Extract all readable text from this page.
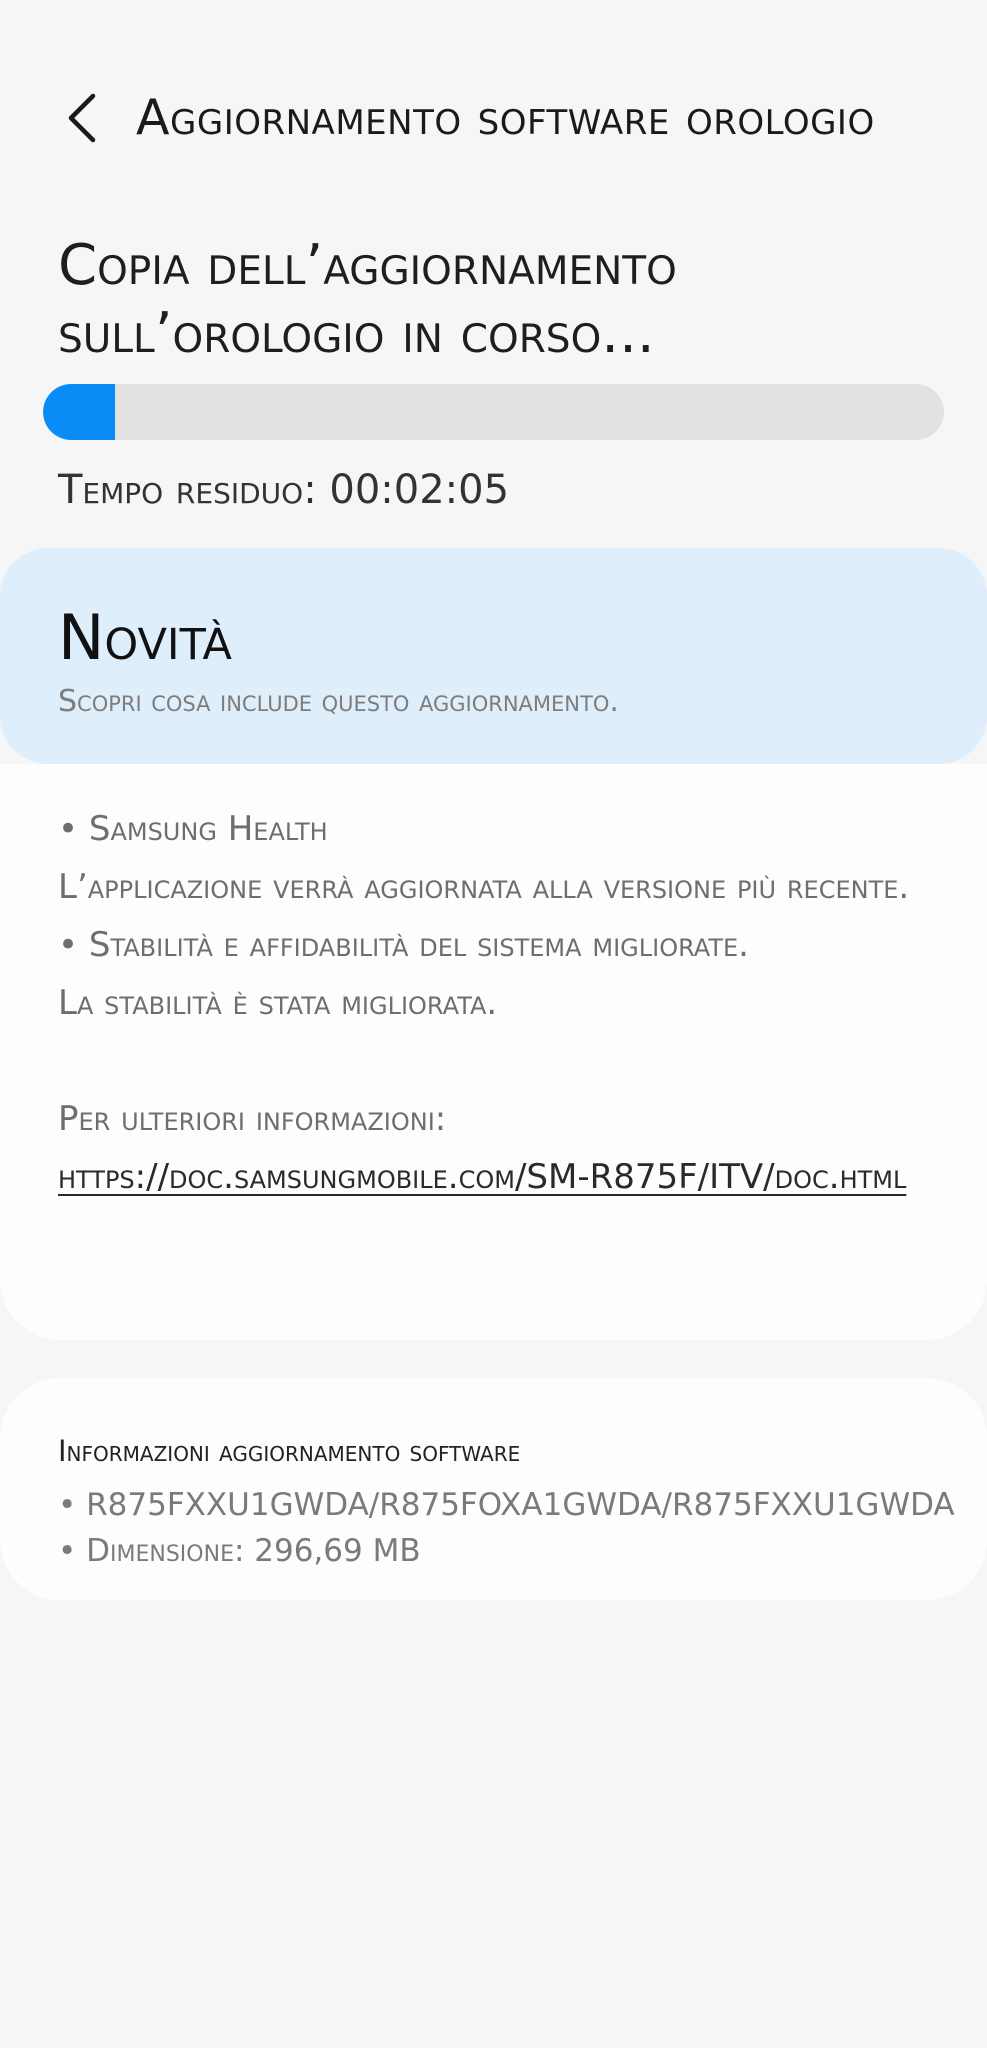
Aggiornamento software orologio
Copia dell’aggiornamento sull’orologio in corso...
Tempo residuo: 00:02:05
Novità
Scopri cosa include questo aggiornamento.
• Samsung Health
L’applicazione verrà aggiornata alla versione più recente.
• Stabilità e affidabilità del sistema migliorate.
La stabilità è stata migliorata.
Per ulteriori informazioni:
https://doc.samsungmobile.com/SM-R875F/ITV/doc.html
Informazioni aggiornamento software
• R875FXXU1GWDA/R875FOXA1GWDA/R875FXXU1GWDA
• Dimensione: 296,69 MB
